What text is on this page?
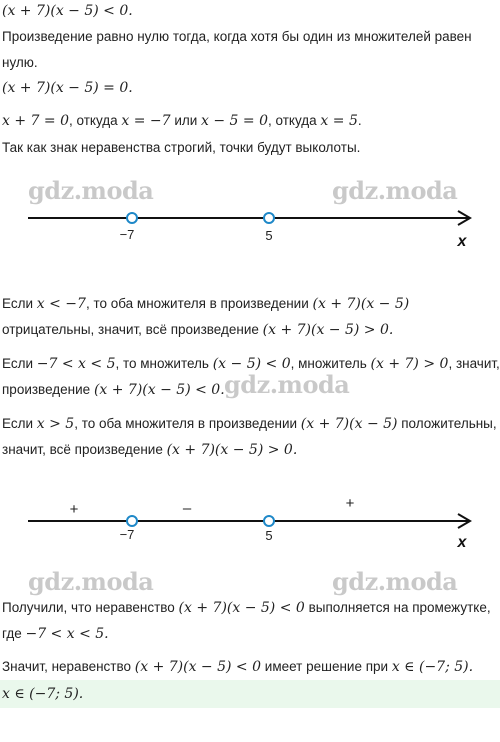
(x + 7)(x − 5) < 0.
Произведение равно нулю тогда, когда хотя бы один из множителей равен
нулю.
(x + 7)(x − 5) = 0.
x + 7 = 0, откуда x = −7 или x − 5 = 0, откуда x = 5.
Так как знак неравенства строгий, точки будут выколоты.
gdz.moda	gdz.moda
gdz.moda
gdz.moda	gdz.moda
−7	5	x
Если x < −7, то оба множителя в произведении (x + 7)(x − 5)
отрицательны, значит, всё произведение (x + 7)(x − 5) > 0.
Если −7 < x < 5, то множитель (x − 5) < 0, множитель (x + 7) > 0, значит,
произведение (x + 7)(x − 5) < 0.
Если x > 5, то оба множителя в произведении (x + 7)(x − 5) положительны,
значит, всё произведение (x + 7)(x − 5) > 0.
+	–	+
−7	5	x
Получили, что неравенство (x + 7)(x − 5) < 0 выполняется на промежутке,
где −7 < x < 5.
Значит, неравенство (x + 7)(x − 5) < 0 имеет решение при x ∈ (−7; 5).
x ∈ (−7; 5).
